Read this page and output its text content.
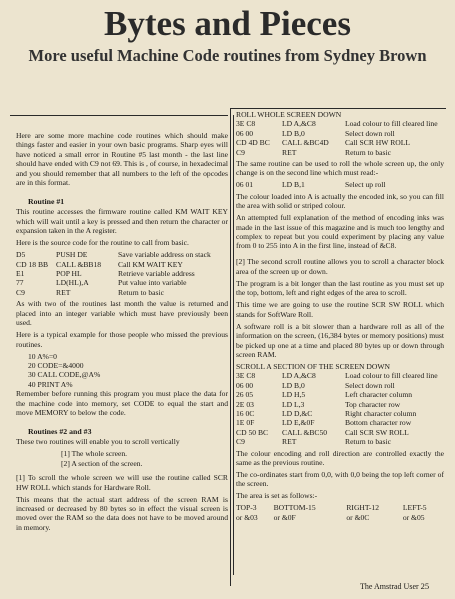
Bytes and Pieces
More useful Machine Code routines from Sydney Brown

Here are some more machine code routines which should make things faster and easier in your own basic programs. Sharp eyes will have noticed a small error in Routine #5 last month - the last line should have ended with C9 not 69. This is , of course, in hexadecimal and you should remember that all numbers to the left of the opcodes are in this format.

Routine #1

This routine accesses the firmware routine called KM WAIT KEY which will wait until a key is pressed and then return the character or expansion taken in the A register.

Here is the source code for the routine to call from basic.

D5	PUSH DE	Save variable address on stack
CD 18 BB	CALL &BB18	Call KM WAIT KEY
E1	POP HL	Retrieve variable address
77	LD(HL),A	Put value into variable
C9	RET	Return to basic

As with two of the routines last month the value is returned and placed into an integer variable which must have previously been used.

Here is a typical example for those people who missed the previous routines.

10 A%=0
20 CODE=&4000
30 CALL CODE,@A%
40 PRINT A%

Remember before running this program you must place the data for the machine code into memory, set CODE to equal the start and move MEMORY to below the code.

Routines #2 and #3

These two routines will enable you to scroll vertically

[1] The whole screen.
[2] A section of the screen.

[1] To scroll the whole screen we will use the routine called SCR HW ROLL which stands for Hardware Roll.

This means that the actual start address of the screen RAM is increased or decreased by 80 bytes so in effect the visual screen is moved over the RAM so the data does not have to be moved around in memory.

ROLL WHOLE SCREEN DOWN
3E C8	LD A,&C8	Load colour to fill cleared line
06 00	LD B,0	Select down roll
CD 4D BC	CALL &BC4D	Call SCR HW ROLL
C9	RET	Return to basic

The same routine can be used to roll the whole screen up, the only change is on the second line which must read:-

06 01	LD B,1	Select up roll

The colour loaded into A is actually the encoded ink, so you can fill the area with solid or striped colour.

An attempted full explanation of the method of encoding inks was made in the last issue of this magazine and is much too lengthy and complex to repeat but you could experiment by placing any value from 0 to 255 into A in the first line, instead of &C8.

[2] The second scroll routine allows you to scroll a character block area of the screen up or down.

The program is a bit longer than the last routine as you must set up the top, bottom, left and right edges of the area to scroll.

This time we are going to use the routine SCR SW ROLL which stands for SoftWare Roll.

A software roll is a bit slower than a hardware roll as all of the information on the screen, (16,384 bytes or memory positions) must be picked up one at a time and placed 80 bytes up or down through screen RAM.

SCROLL A SECTION OF THE SCREEN DOWN
3E C8	LD A,&C8	Load colour to fill cleared line
06 00	LD B,0	Select down roll
26 05	LD H,5	Left character column
2E 03	LD L,3	Top character row
16 0C	LD D,&C	Right character column
1E 0F	LD E,&0F	Bottom character row
CD 50 BC	CALL &BC50	Call SCR SW ROLL
C9	RET	Return to basic

The colour encoding and roll direction are controlled exactly the same as the previous routine.

The co-ordinates start from 0,0, with 0,0 being the top left corner of the screen.

The area is set as follows:-

TOP-3	BOTTOM-15	RIGHT-12	LEFT-5
or &03	or &0F	or &0C	or &05
The Amstrad User 25
